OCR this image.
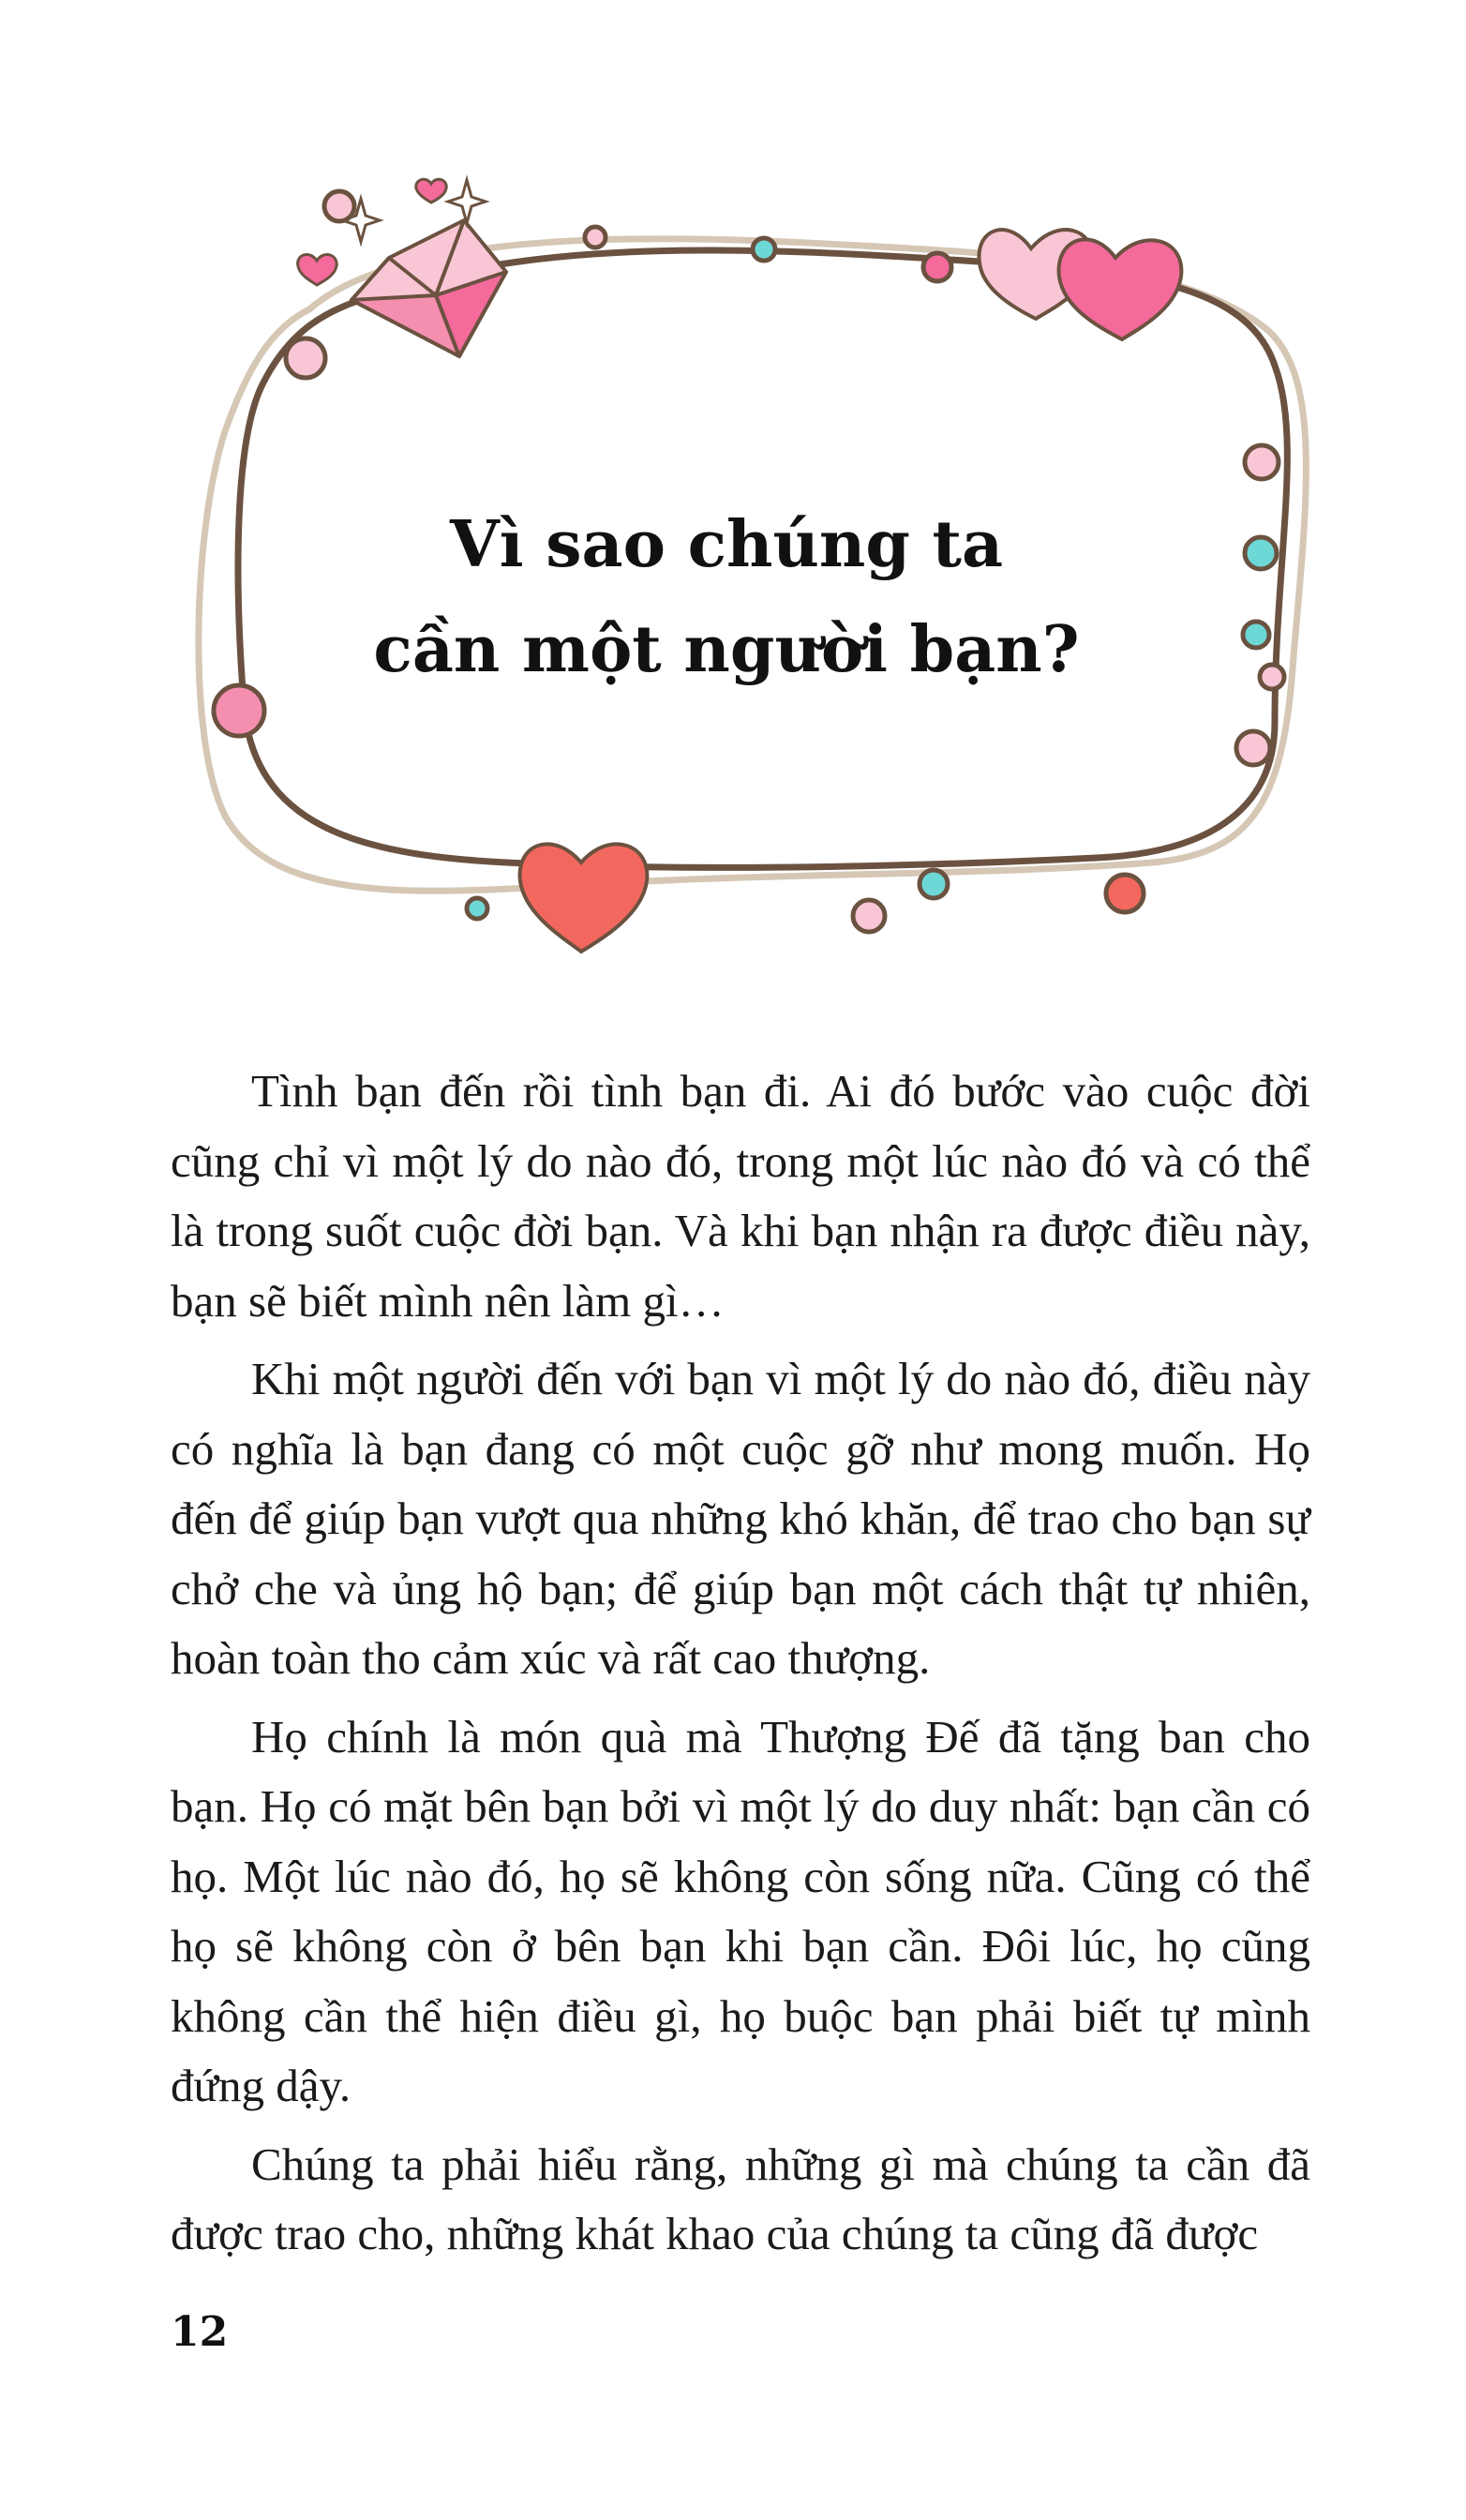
Vì sao chúng ta
cần một người bạn?

Tình bạn đến rồi tình bạn đi. Ai đó bước vào cuộc đời cũng chỉ vì một lý do nào đó, trong một lúc nào đó và có thể là trong suốt cuộc đời bạn. Và khi bạn nhận ra được điều này, bạn sẽ biết mình nên làm gì…

Khi một người đến với bạn vì một lý do nào đó, điều này có nghĩa là bạn đang có một cuộc gỡ như mong muốn. Họ đến để giúp bạn vượt qua những khó khăn, để trao cho bạn sự chở che và ủng hộ bạn; để giúp bạn một cách thật tự nhiên, hoàn toàn tho cảm xúc và rất cao thượng.

Họ chính là món quà mà Thượng Đế đã tặng ban cho bạn. Họ có mặt bên bạn bởi vì một lý do duy nhất: bạn cần có họ. Một lúc nào đó, họ sẽ không còn sống nữa. Cũng có thể họ sẽ không còn ở bên bạn khi bạn cần. Đôi lúc, họ cũng không cần thể hiện điều gì, họ buộc bạn phải biết tự mình đứng dậy.

Chúng ta phải hiểu rằng, những gì mà chúng ta cần đã được trao cho, những khát khao của chúng ta cũng đã được

12
